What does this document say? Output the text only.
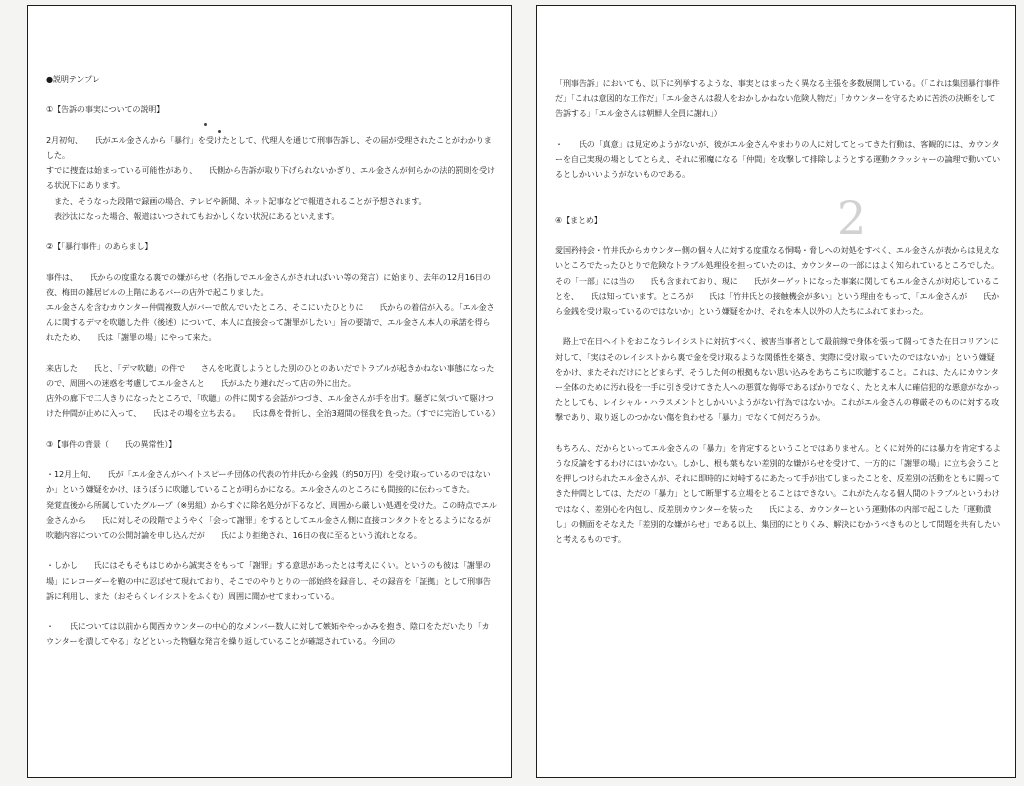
●説明テンプレ
①【告訴の事実についての説明】
2月初旬、　　氏がエル金さんから「暴行」を受けたとして、代理人を通じて刑事告訴し、その届が受理されたことがわかりました。
すでに捜査は始まっている可能性があり、　　氏側から告訴が取り下げられないかぎり、エル金さんが何らかの法的罰則を受ける状況下にあります。
　また、そうなった段階で録画の場合、テレビや新聞、ネット記事などで報道されることが予想されます。
　表沙汰になった場合、報道はいつされてもおかしくない状況にあるといえます。
②【「暴行事件」のあらまし】
事件は、　　氏からの度重なる裏での嫌がらせ（名指しでエル金さんがされればいい等の発言）に始まり、去年の12月16日の夜、梅田の雑居ビルの上階にあるバーの店外で起こりました。
エル金さんを含むカウンター仲間複数人がバーで飲んでいたところ、そこにいたひとりに　　氏からの着信が入る。「エル金さんに関するデマを吹聴した件（後述）について、本人に直接会って謝罪がしたい」旨の要請で、エル金さん本人の承諾を得られたため、　　氏は「謝罪の場」にやって来た。
来店した　　氏と、「デマ吹聴」の件で　　さんを叱責しようとした別のひとのあいだでトラブルが起きかねない事態になったので、周囲への迷惑を考慮してエル金さんと　　氏がふたり連れだって店の外に出た。
店外の廊下で二人きりになったところで、「吹聴」の件に関する会話がつづき、エル金さんが手を出す。騒ぎに気づいて駆けつけた仲間が止めに入って、　　氏はその場を立ち去る。　　氏は鼻を骨折し、全治3週間の怪我を負った。（すでに完治している）
③【事件の背景（　　氏の異常性）】
・12月上旬、　　氏が「エル金さんがヘイトスピーチ団体の代表の竹井氏から金銭（約50万円）を受け取っているのではないか」という嫌疑をかけ、ほうぼうに吹聴していることが明らかになる。エル金さんのところにも間接的に伝わってきた。
発覚直後から所属していたグループ（※男組）からすぐに除名処分が下るなど、周囲から厳しい処遇を受けた。この時点でエル金さんから　　氏に対しその段階でようやく「会って謝罪」をするとしてエル金さん側に直接コンタクトをとるようになるが吹聴内容についての公開討論を申し込んだが　　氏により拒絶され、16日の夜に至るという流れとなる。
・しかし　　氏にはそもそもはじめから誠実さをもって「謝罪」する意思があったとは考えにくい。というのも彼は「謝罪の場」にレコーダーを鞄の中に忍ばせて現れており、そこでのやりとりの一部始終を録音し、その録音を「証拠」として刑事告訴に利用し、また（おそらくレイシストをふくむ）周囲に聞かせてまわっている。
・　　氏については以前から関西カウンターの中心的なメンバー数人に対して嫉妬ややっかみを抱き、陰口をただいたり「カウンターを潰してやる」などといった物騒な発言を繰り返していることが確認されている。今回の
2
「刑事告訴」においても、以下に列挙するような、事実とはまったく異なる主張を多数展開している。（「これは集団暴行事件だ」「これは意図的な工作だ」「エル金さんは殺人をおかしかねない危険人物だ」「カウンターを守るために苦渋の決断をして告訴する」「エル金さんは朝鮮人全員に謝れ」）
・　　氏の「真意」は見定めようがないが、彼がエル金さんやまわりの人に対してとってきた行動は、客観的には、カウンターを自己実現の場としてとらえ、それに邪魔になる「仲間」を攻撃して排除しようとする運動クラッシャーの論理で動いているとしかいいようがないものである。
④【まとめ】
愛国矜持会・竹井氏からカウンター側の個々人に対する度重なる恫喝・脅しへの対処をすべく、エル金さんが表からは見えないところでたったひとりで危険なトラブル処理役を担っていたのは、カウンターの一部にはよく知られているところでした。その「一部」には当の　　氏も含まれており、現に　　氏がターゲットになった事案に関してもエル金さんが対応していることを、　　氏は知っています。ところが　　氏は「竹井氏との接触機会が多い」という理由をもって、「エル金さんが　　氏から金銭を受け取っているのではないか」という嫌疑をかけ、それを本人以外の人たちにふれてまわった。
　路上で在日ヘイトをおこなうレイシストに対抗すべく、被害当事者として最前線で身体を張って闘ってきた在日コリアンに対して、「実はそのレイシストから裏で金を受け取るような関係性を築き、実際に受け取っていたのではないか」という嫌疑をかけ、またそれだけにとどまらず、そうした何の根拠もない思い込みをあちこちに吹聴すること。これは、たんにカウンター全体のために汚れ役を一手に引き受けてきた人への悪質な侮辱であるばかりでなく、たとえ本人に確信犯的な悪意がなかったとしても、レイシャル・ハラスメントとしかいいようがない行為ではないか。これがエル金さんの尊厳そのものに対する攻撃であり、取り返しのつかない傷を負わせる「暴力」でなくて何だろうか。
もちろん、だからといってエル金さんの「暴力」を肯定するということではありません。とくに対外的には暴力を肯定するような反論をするわけにはいかない。しかし、根も葉もない差別的な嫌がらせを受けて、一方的に「謝罪の場」に立ち会うことを押しつけられたエル金さんが、それに即時的に対峙するにあたって手が出てしまったことを、反差別の活動をともに闘ってきた仲間としては、ただの「暴力」として断罪する立場をとることはできない。これがたんなる個人間のトラブルというわけではなく、差別心を内包し、反差別カウンターを装った　　氏による、カウンターという運動体の内部で起こした「運動潰し」の側面をそなえた「差別的な嫌がらせ」である以上、集団的にとりくみ、解決にむかうべきものとして問題を共有したいと考えるものです。
